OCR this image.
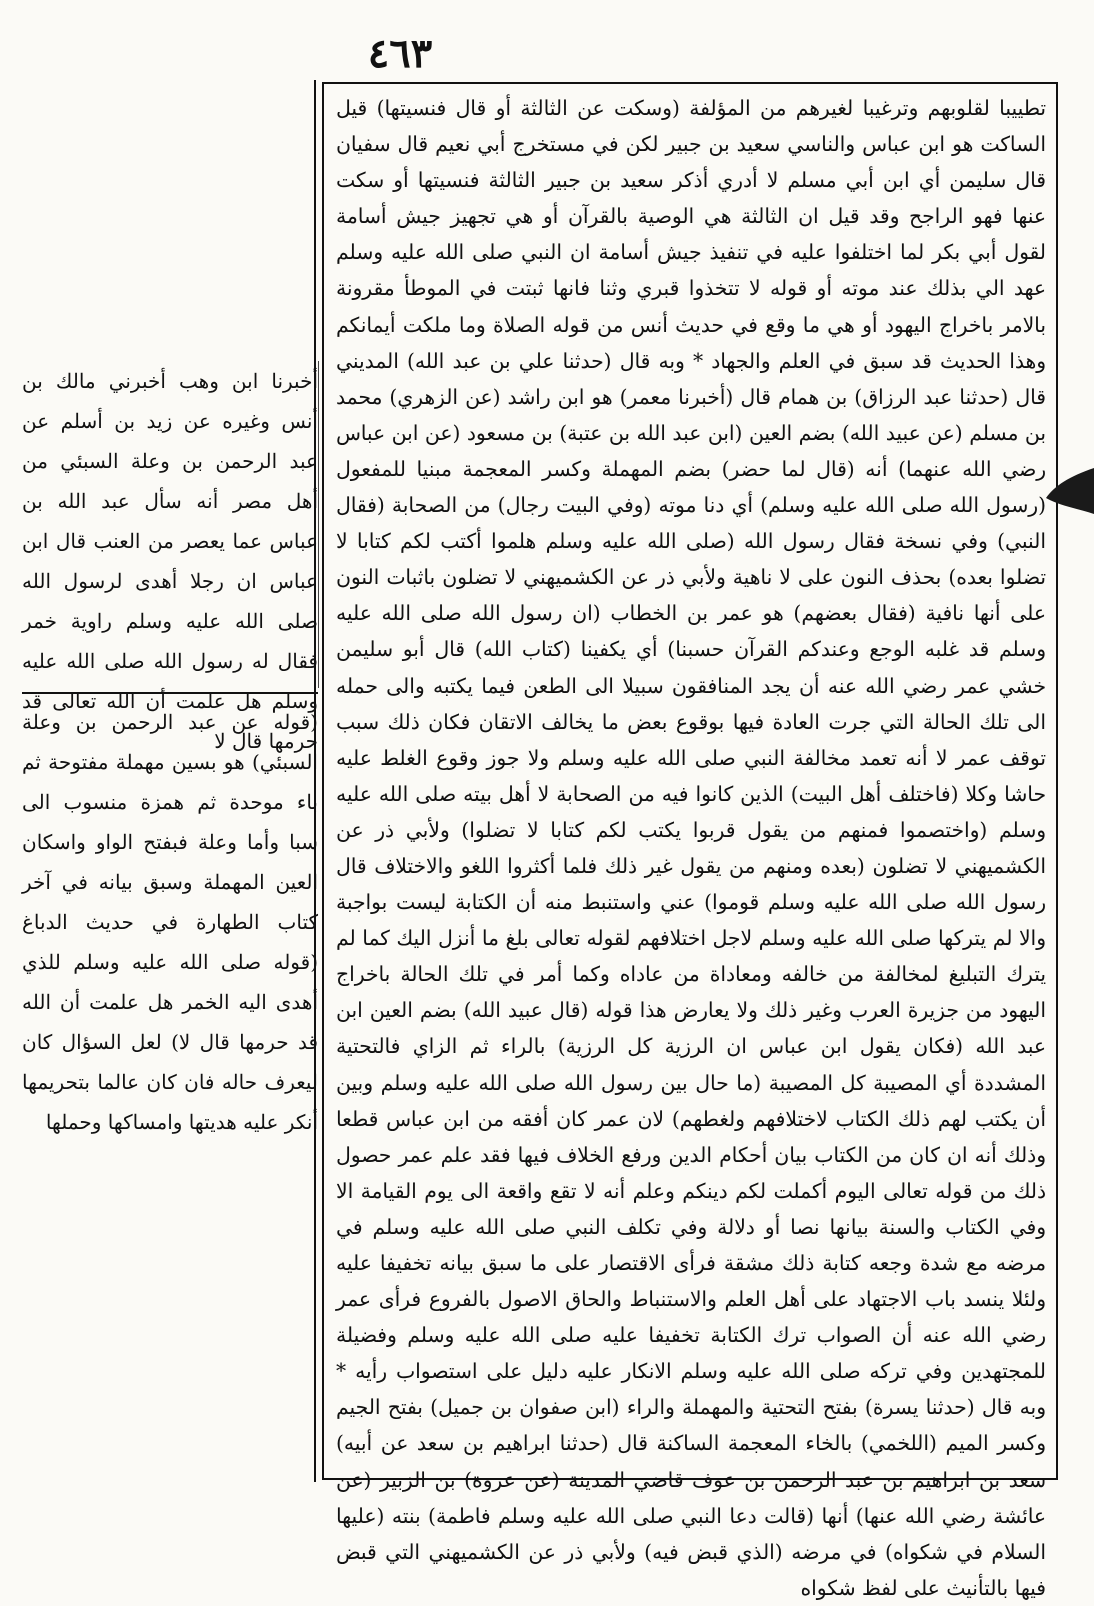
٤٦٣

تطييبا لقلوبهم وترغيبا لغيرهم من المؤلفة (وسكت عن الثالثة أو قال فنسيتها) قيل الساكت هو ابن عباس والناسي سعيد بن جبير لكن في مستخرج أبي نعيم قال سفيان قال سليمن أي ابن أبي مسلم لا أدري أذكر سعيد بن جبير الثالثة فنسيتها أو سكت عنها فهو الراجح وقد قيل ان الثالثة هي الوصية بالقرآن أو هي تجهيز جيش أسامة لقول أبي بكر لما اختلفوا عليه في تنفيذ جيش أسامة ان النبي صلى الله عليه وسلم عهد الي بذلك عند موته أو قوله لا تتخذوا قبري وثنا فانها ثبتت في الموطأ مقرونة بالامر باخراج اليهود أو هي ما وقع في حديث أنس من قوله الصلاة وما ملكت أيمانكم وهذا الحديث قد سبق في العلم والجهاد * وبه قال (حدثنا علي بن عبد الله) المديني قال (حدثنا عبد الرزاق) بن همام قال (أخبرنا معمر) هو ابن راشد (عن الزهري) محمد بن مسلم (عن عبيد الله) بضم العين (ابن عبد الله بن عتبة) بن مسعود (عن ابن عباس رضي الله عنهما) أنه (قال لما حضر) بضم المهملة وكسر المعجمة مبنيا للمفعول (رسول الله صلى الله عليه وسلم) أي دنا موته (وفي البيت رجال) من الصحابة (فقال النبي) وفي نسخة فقال رسول الله (صلى الله عليه وسلم هلموا أكتب لكم كتابا لا تضلوا بعده) بحذف النون على لا ناهية ولأبي ذر عن الكشميهني لا تضلون باثبات النون على أنها نافية (فقال بعضهم) هو عمر بن الخطاب (ان رسول الله صلى الله عليه وسلم قد غلبه الوجع وعندكم القرآن حسبنا) أي يكفينا (كتاب الله) قال أبو سليمن خشي عمر رضي الله عنه أن يجد المنافقون سبيلا الى الطعن فيما يكتبه والى حمله الى تلك الحالة التي جرت العادة فيها بوقوع بعض ما يخالف الاتقان فكان ذلك سبب توقف عمر لا أنه تعمد مخالفة النبي صلى الله عليه وسلم ولا جوز وقوع الغلط عليه حاشا وكلا (فاختلف أهل البيت) الذين كانوا فيه من الصحابة لا أهل بيته صلى الله عليه وسلم (واختصموا فمنهم من يقول قربوا يكتب لكم كتابا لا تضلوا) ولأبي ذر عن الكشميهني لا تضلون (بعده ومنهم من يقول غير ذلك فلما أكثروا اللغو والاختلاف قال رسول الله صلى الله عليه وسلم قوموا) عني واستنبط منه أن الكتابة ليست بواجبة والا لم يتركها صلى الله عليه وسلم لاجل اختلافهم لقوله تعالى بلغ ما أنزل اليك كما لم يترك التبليغ لمخالفة من خالفه ومعاداة من عاداه وكما أمر في تلك الحالة باخراج اليهود من جزيرة العرب وغير ذلك ولا يعارض هذا قوله (قال عبيد الله) بضم العين ابن عبد الله (فكان يقول ابن عباس ان الرزية كل الرزية) بالراء ثم الزاي فالتحتية المشددة أي المصيبة كل المصيبة (ما حال بين رسول الله صلى الله عليه وسلم وبين أن يكتب لهم ذلك الكتاب لاختلافهم ولغطهم) لان عمر كان أفقه من ابن عباس قطعا وذلك أنه ان كان من الكتاب بيان أحكام الدين ورفع الخلاف فيها فقد علم عمر حصول ذلك من قوله تعالى اليوم أكملت لكم دينكم وعلم أنه لا تقع واقعة الى يوم القيامة الا وفي الكتاب والسنة بيانها نصا أو دلالة وفي تكلف النبي صلى الله عليه وسلم في مرضه مع شدة وجعه كتابة ذلك مشقة فرأى الاقتصار على ما سبق بيانه تخفيفا عليه ولئلا ينسد باب الاجتهاد على أهل العلم والاستنباط والحاق الاصول بالفروع فرأى عمر رضي الله عنه أن الصواب ترك الكتابة تخفيفا عليه صلى الله عليه وسلم وفضيلة للمجتهدين وفي تركه صلى الله عليه وسلم الانكار عليه دليل على استصواب رأيه * وبه قال (حدثنا يسرة) بفتح التحتية والمهملة والراء (ابن صفوان بن جميل) بفتح الجيم وكسر الميم (اللخمي) بالخاء المعجمة الساكنة قال (حدثنا ابراهيم بن سعد عن أبيه) سعد بن ابراهيم بن عبد الرحمن بن عوف قاضي المدينة (عن عروة) بن الزبير (عن عائشة رضي الله عنها) أنها (قالت دعا النبي صلى الله عليه وسلم فاطمة) بنته (عليها السلام في شكواه) في مرضه (الذي قبض فيه) ولأبي ذر عن الكشميهني التي قبض فيها بالتأنيث على لفظ شكواه

أخبرنا ابن وهب أخبرني مالك بن أنس وغيره عن زيد بن أسلم عن عبد الرحمن بن وعلة السبئي من أهل مصر أنه سأل عبد الله بن عباس عما يعصر من العنب قال ابن عباس ان رجلا أهدى لرسول الله صلى الله عليه وسلم راوية خمر فقال له رسول الله صلى الله عليه وسلم هل علمت أن الله تعالى قد حرمها قال لا

(قوله عن عبد الرحمن بن وعلة السبئي) هو بسين مهملة مفتوحة ثم باء موحدة ثم همزة منسوب الى سبا وأما وعلة فبفتح الواو واسكان العين المهملة وسبق بيانه في آخر كتاب الطهارة في حديث الدباغ (قوله صلى الله عليه وسلم للذي أهدى اليه الخمر هل علمت أن الله قد حرمها قال لا) لعل السؤال كان ليعرف حاله فان كان عالما بتحريمها أنكر عليه هديتها وامساكها وحملها
